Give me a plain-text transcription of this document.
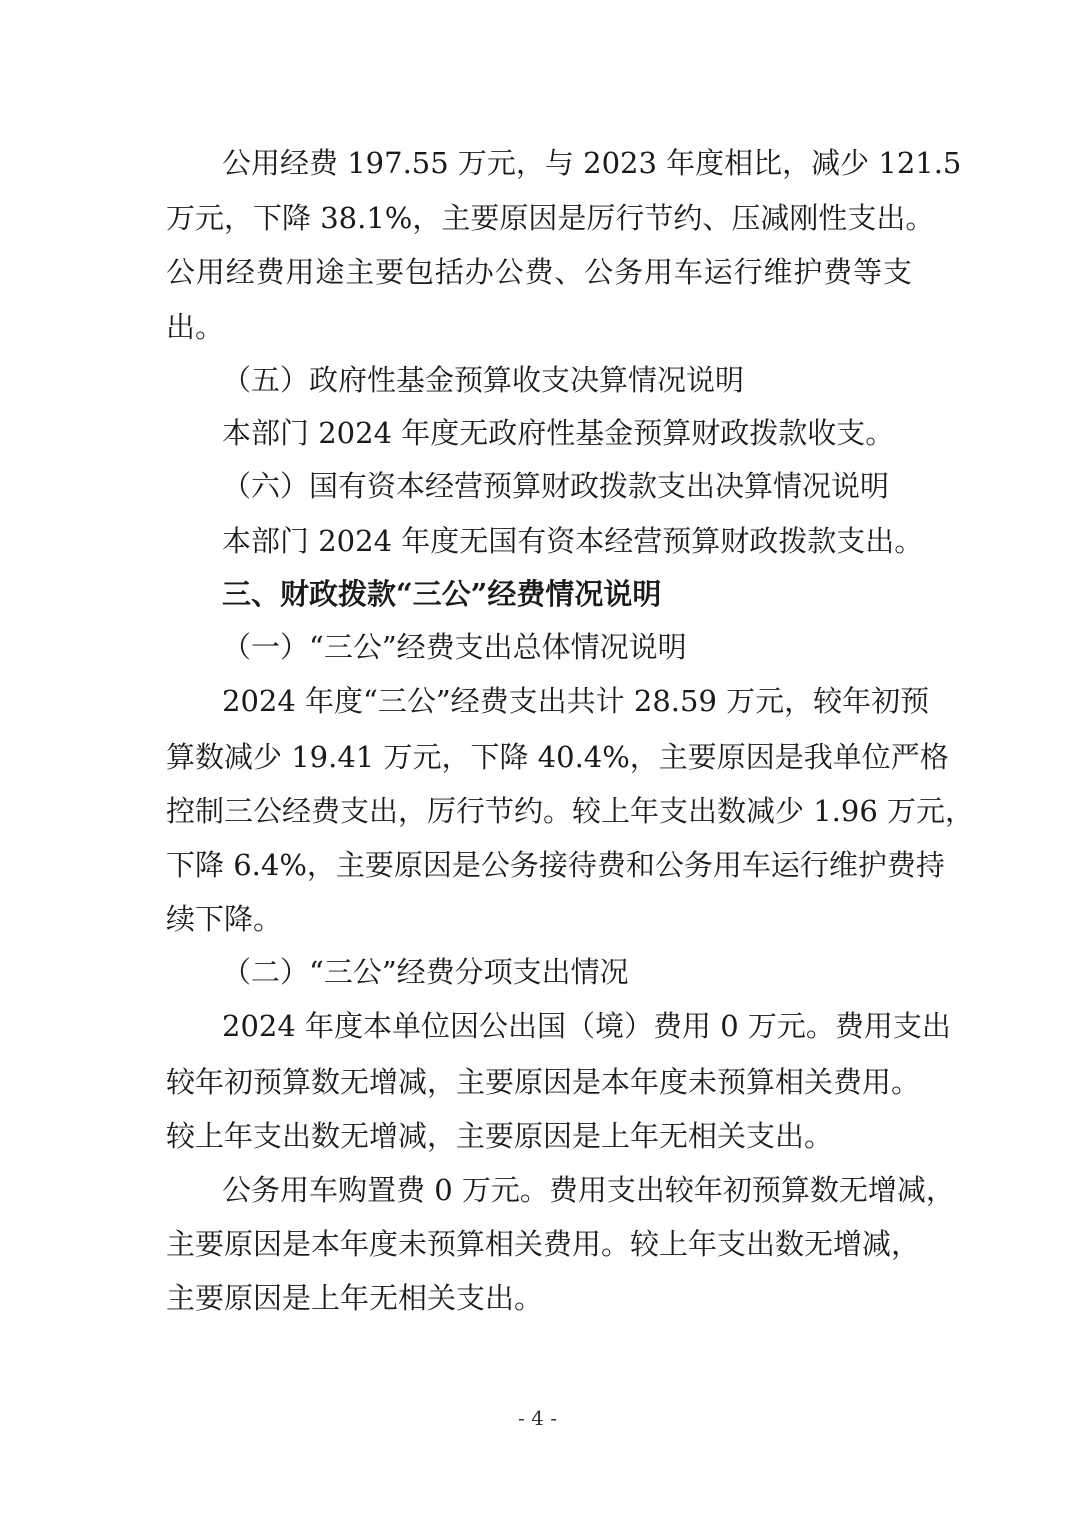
公用经费 197.55 万元，与 2023 年度相比，减少 121.5
万元，下降 38.1%，主要原因是厉行节约、压减刚性支出。
公用经费用途主要包括办公费、公务用车运行维护费等支
出。
（五）政府性基金预算收支决算情况说明
本部门 2024 年度无政府性基金预算财政拨款收支。
（六）国有资本经营预算财政拨款支出决算情况说明
本部门 2024 年度无国有资本经营预算财政拨款支出。
三、财政拨款“三公”经费情况说明
（一）“三公”经费支出总体情况说明
2024 年度“三公”经费支出共计 28.59 万元，较年初预
算数减少 19.41 万元，下降 40.4%，主要原因是我单位严格
控制三公经费支出，厉行节约。较上年支出数减少 1.96 万元，
下降 6.4%，主要原因是公务接待费和公务用车运行维护费持
续下降。
（二）“三公”经费分项支出情况
2024 年度本单位因公出国（境）费用 0 万元。费用支出
较年初预算数无增减，主要原因是本年度未预算相关费用。
较上年支出数无增减，主要原因是上年无相关支出。
公务用车购置费 0 万元。费用支出较年初预算数无增减，
主要原因是本年度未预算相关费用。较上年支出数无增减，
主要原因是上年无相关支出。
- 4 -
